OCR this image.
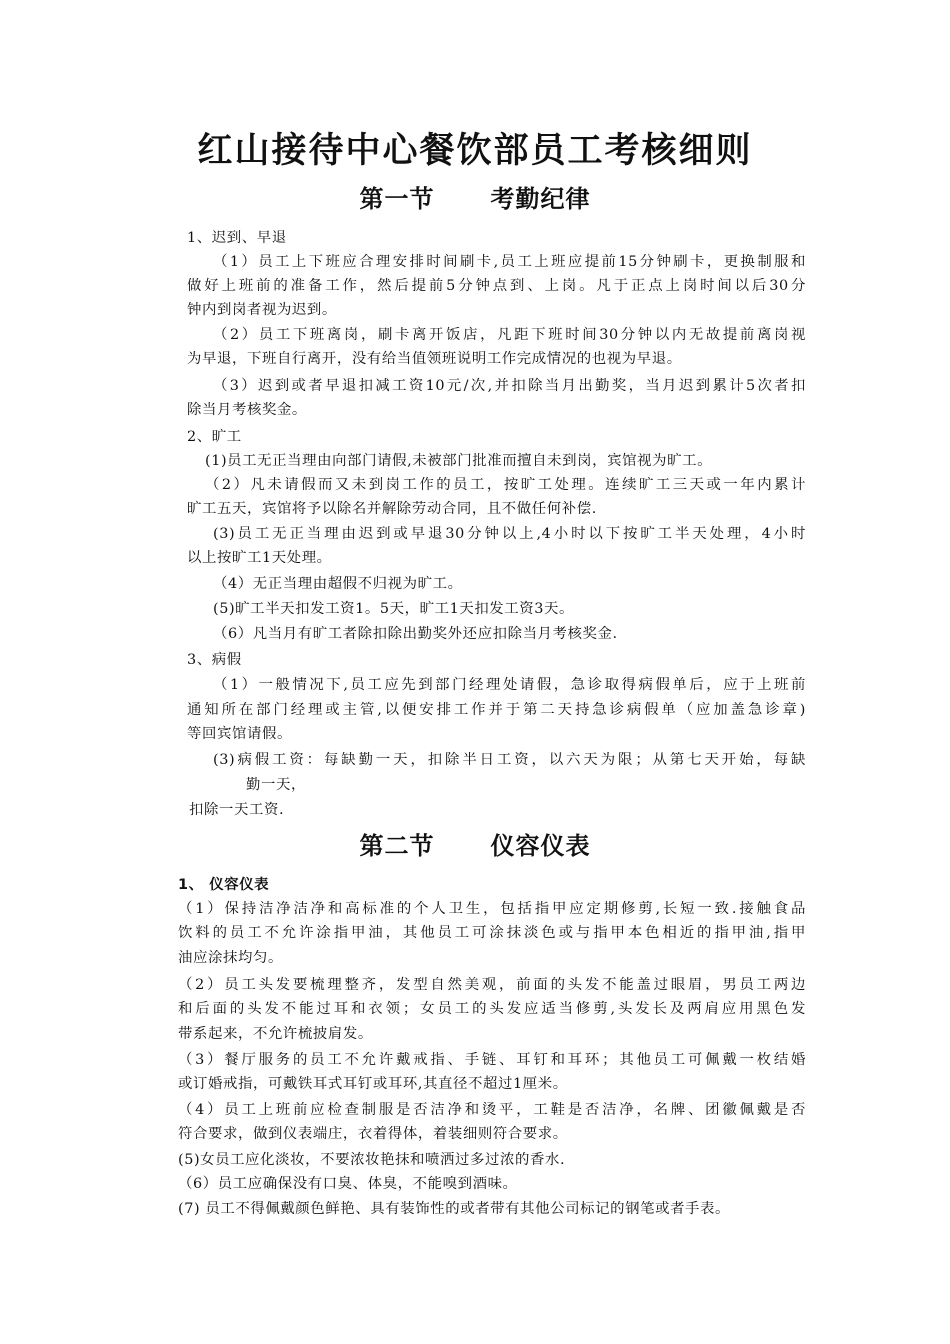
红山接待中心餐饮部员工考核细则
第一节 考勤纪律
1、迟到、早退
（1）员工上下班应合理安排时间刷卡,员工上班应提前15分钟刷卡，更换制服和
做好上班前的准备工作，然后提前5分钟点到、上岗。凡于正点上岗时间以后30分
钟内到岗者视为迟到。
（2）员工下班离岗，刷卡离开饭店，凡距下班时间30分钟以内无故提前离岗视
为早退，下班自行离开，没有给当值领班说明工作完成情况的也视为早退。
（3）迟到或者早退扣减工资10元/次,并扣除当月出勤奖，当月迟到累计5次者扣
除当月考核奖金。
2、旷工
(1)员工无正当理由向部门请假,未被部门批准而擅自未到岗，宾馆视为旷工。
（2）凡未请假而又未到岗工作的员工，按旷工处理。连续旷工三天或一年内累计
旷工五天，宾馆将予以除名并解除劳动合同，且不做任何补偿.
(3)员工无正当理由迟到或早退30分钟以上,4小时以下按旷工半天处理，4小时
以上按旷工1天处理。
（4）无正当理由超假不归视为旷工。
(5)旷工半天扣发工资1。5天，旷工1天扣发工资3天。
（6）凡当月有旷工者除扣除出勤奖外还应扣除当月考核奖金.
3、病假
（1）一般情况下,员工应先到部门经理处请假，急诊取得病假单后，应于上班前
通知所在部门经理或主管,以便安排工作并于第二天持急诊病假单（应加盖急诊章)
等回宾馆请假。
(3)病假工资：每缺勤一天，扣除半日工资，以六天为限；从第七天开始，每缺
勤一天，
扣除一天工资.
第二节 仪容仪表
1、 仪容仪表
（1）保持洁净洁净和高标准的个人卫生，包括指甲应定期修剪,长短一致.接触食品
饮料的员工不允许涂指甲油，其他员工可涂抹淡色或与指甲本色相近的指甲油,指甲
油应涂抹均匀。
（2）员工头发要梳理整齐，发型自然美观，前面的头发不能盖过眼眉，男员工两边
和后面的头发不能过耳和衣领；女员工的头发应适当修剪,头发长及两肩应用黑色发
带系起来，不允许梳披肩发。
（3）餐厅服务的员工不允许戴戒指、手链、耳钉和耳环；其他员工可佩戴一枚结婚
或订婚戒指，可戴铁耳式耳钉或耳环,其直径不超过1厘米。
（4）员工上班前应检查制服是否洁净和烫平，工鞋是否洁净，名牌、团徽佩戴是否
符合要求，做到仪表端庄，衣着得体，着装细则符合要求。
(5)女员工应化淡妆，不要浓妆艳抹和喷洒过多过浓的香水.
（6）员工应确保没有口臭、体臭，不能嗅到酒味。
(7) 员工不得佩戴颜色鲜艳、具有装饰性的或者带有其他公司标记的钢笔或者手表。
